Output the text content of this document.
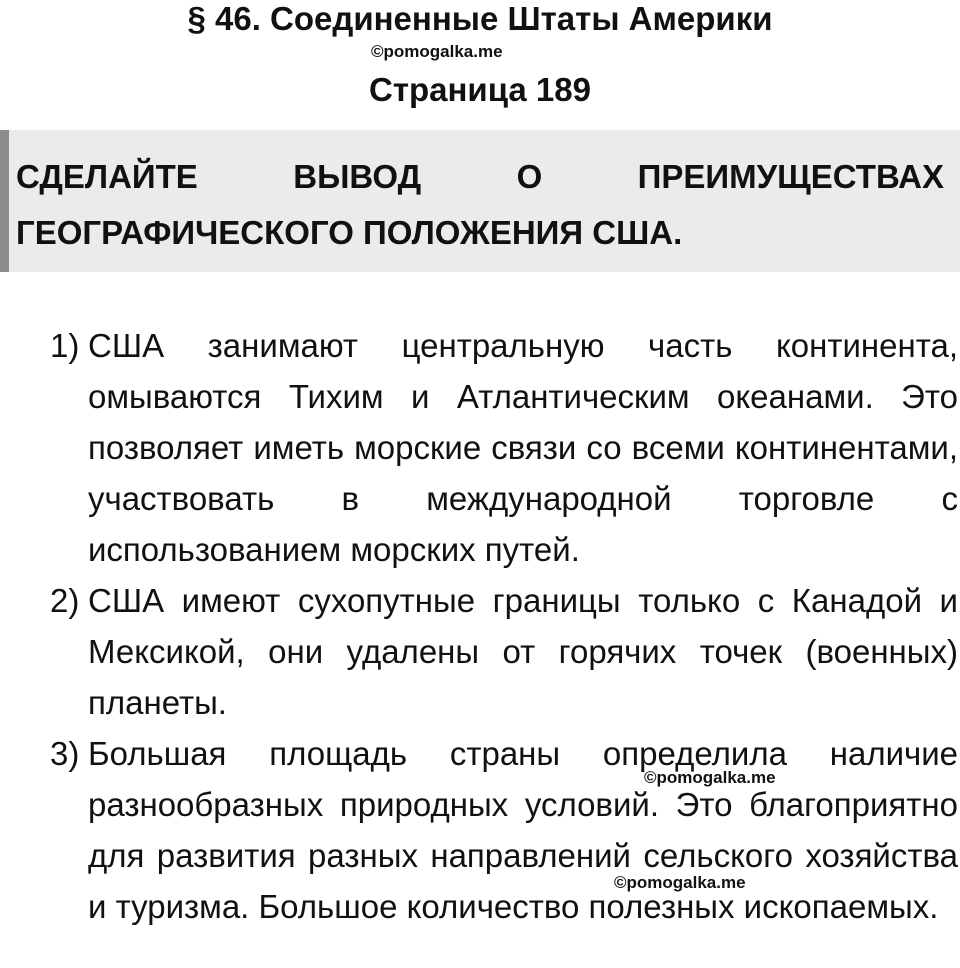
§ 46. Соединенные Штаты Америки
©pomogalka.me
Страница 189
СДЕЛАЙТЕ ВЫВОД О ПРЕИМУЩЕСТВАХ ГЕОГРАФИЧЕСКОГО ПОЛОЖЕНИЯ США.
1) США занимают центральную часть континента, омываются Тихим и Атлантическим океанами. Это позволяет иметь морские связи со всеми континентами, участвовать в международной торговле с использованием морских путей.
2) США имеют сухопутные границы только с Канадой и Мексикой, они удалены от горячих точек (военных) планеты.
3) Большая площадь страны определила наличие разнообразных природных условий. Это благоприятно для развития разных направлений сельского хозяйства и туризма. Большое количество полезных ископаемых.
©pomogalka.me
©pomogalka.me
